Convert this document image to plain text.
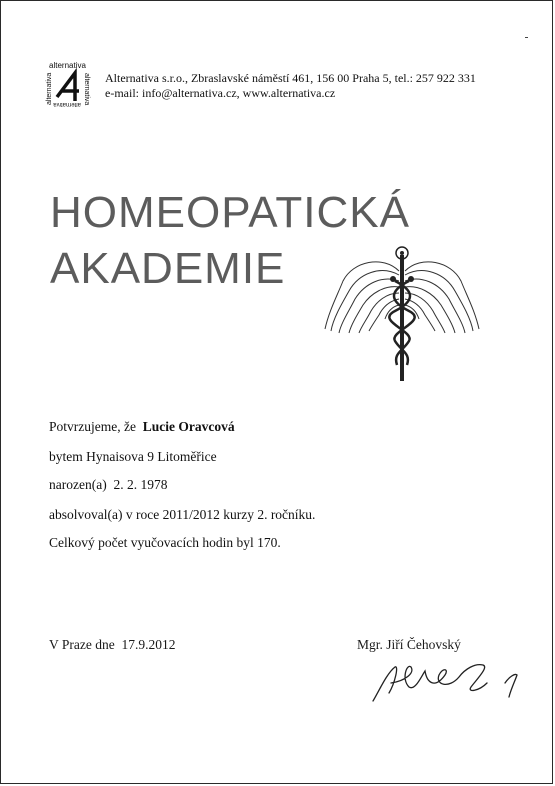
alternativa
alternativa
alternativa alternativa
Alternativa s.r.o., Zbraslavské náměstí 461, 156 00 Praha 5, tel.: 257 922 331
e-mail: info@alternativa.cz, www.alternativa.cz
HOMEOPATICKÁ
AKADEMIE
Potvrzujeme, že Lucie Oravcová
bytem Hynaisova 9 Litoměřice
narozen(a) 2. 2. 1978
absolvoval(a) v roce 2011/2012 kurzy 2. ročníku.
Celkový počet vyučovacích hodin byl 170.
V Praze dne 17.9.2012	Mgr. Jiří Čehovský
